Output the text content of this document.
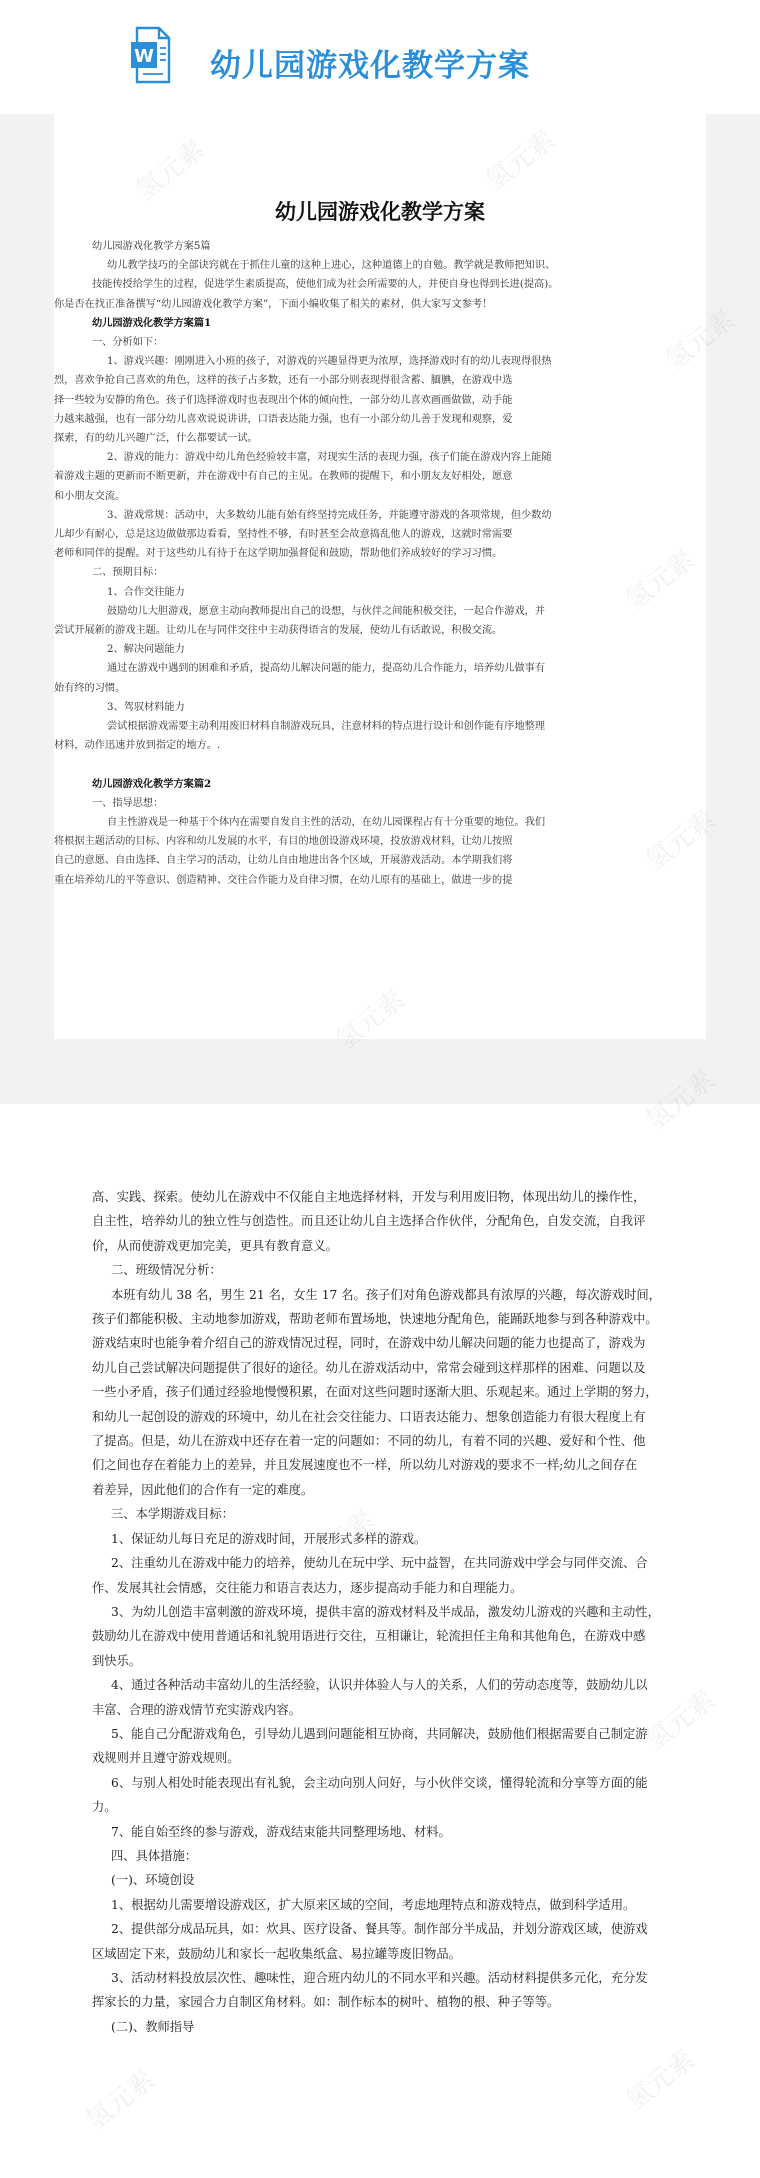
W 幼儿园游戏化教学方案
幼儿园游戏化教学方案
幼儿园游戏化教学方案5篇
幼儿教学技巧的全部诀窍就在于抓住儿童的这种上进心，这种道德上的自勉。教学就是教师把知识、
技能传授给学生的过程，促进学生素质提高，使他们成为社会所需要的人，并使自身也得到长进(提高)。
你是否在找正准备撰写“幼儿园游戏化教学方案”，下面小编收集了相关的素材，供大家写文参考！
幼儿园游戏化教学方案篇1
一、分析如下：
1、游戏兴趣：刚刚进入小班的孩子，对游戏的兴趣显得更为浓厚，选择游戏时有的幼儿表现得很热
烈，喜欢争抢自己喜欢的角色，这样的孩子占多数，还有一小部分则表现得很含蓄、腼腆，在游戏中选
择一些较为安静的角色。孩子们选择游戏时也表现出个体的倾向性，一部分幼儿喜欢画画做做，动手能
力越来越强，也有一部分幼儿喜欢说说讲讲，口语表达能力强，也有一小部分幼儿善于发现和观察，爱
探索，有的幼儿兴趣广泛，什么都要试一试。
2、游戏的能力：游戏中幼儿角色经验较丰富，对现实生活的表现力强，孩子们能在游戏内容上能随
着游戏主题的更新而不断更新，并在游戏中有自己的主见。在教师的提醒下，和小朋友友好相处，愿意
和小朋友交流。
3、游戏常规：活动中，大多数幼儿能有始有终坚持完成任务，并能遵守游戏的各项常规，但少数幼
儿却少有耐心，总是这边做做那边看看，坚持性不够，有时甚至会故意捣乱他人的游戏，这就时常需要
老师和同伴的提醒。对于这些幼儿有待于在这学期加强督促和鼓励，帮助他们养成较好的学习习惯。
二、预期目标：
1、合作交往能力
鼓励幼儿大胆游戏，愿意主动向教师提出自己的设想，与伙伴之间能积极交往，一起合作游戏，并
尝试开展新的游戏主题。让幼儿在与同伴交往中主动获得语言的发展，使幼儿有话敢说，积极交流。
2、解决问题能力
通过在游戏中遇到的困难和矛盾，提高幼儿解决问题的能力，提高幼儿合作能力，培养幼儿做事有
始有终的习惯。
3、驾驭材料能力
尝试根据游戏需要主动利用废旧材料自制游戏玩具，注意材料的特点进行设计和创作能有序地整理
材料，动作迅速并放到指定的地方。.
幼儿园游戏化教学方案篇2
一、指导思想：
自主性游戏是一种基于个体内在需要自发自主性的活动，在幼儿园课程占有十分重要的地位。我们
将根据主题活动的目标、内容和幼儿发展的水平，有目的地创设游戏环境，投放游戏材料，让幼儿按照
自己的意愿、自由选择、自主学习的活动，让幼儿自由地进出各个区域，开展游戏活动。本学期我们将
重在培养幼儿的平等意识、创造精神、交往合作能力及自律习惯，在幼儿原有的基础上，做进一步的提
高、实践、探索。使幼儿在游戏中不仅能自主地选择材料，开发与利用废旧物，体现出幼儿的操作性，
自主性，培养幼儿的独立性与创造性。而且还让幼儿自主选择合作伙伴，分配角色，自发交流，自我评
价，从而使游戏更加完美，更具有教育意义。
二、班级情况分析：
本班有幼儿 38 名，男生 21 名，女生 17 名。孩子们对角色游戏都具有浓厚的兴趣，每次游戏时间，
孩子们都能积极、主动地参加游戏，帮助老师布置场地，快速地分配角色，能踊跃地参与到各种游戏中。
游戏结束时也能争着介绍自己的游戏情况过程，同时，在游戏中幼儿解决问题的能力也提高了，游戏为
幼儿自己尝试解决问题提供了很好的途径。幼儿在游戏活动中，常常会碰到这样那样的困难、问题以及
一些小矛盾，孩子们通过经验地慢慢积累，在面对这些问题时逐渐大胆、乐观起来。通过上学期的努力，
和幼儿一起创设的游戏的环境中，幼儿在社会交往能力、口语表达能力、想象创造能力有很大程度上有
了提高。但是，幼儿在游戏中还存在着一定的问题如：不同的幼儿，有着不同的兴趣、爱好和个性、他
们之间也存在着能力上的差异，并且发展速度也不一样，所以幼儿对游戏的要求不一样;幼儿之间存在
着差异，因此他们的合作有一定的难度。
三、本学期游戏目标：
1、保证幼儿每日充足的游戏时间，开展形式多样的游戏。
2、注重幼儿在游戏中能力的培养，使幼儿在玩中学、玩中益智，在共同游戏中学会与同伴交流、合
作、发展其社会情感，交往能力和语言表达力，逐步提高动手能力和自理能力。
3、为幼儿创造丰富刺激的游戏环境，提供丰富的游戏材料及半成品，激发幼儿游戏的兴趣和主动性，
鼓励幼儿在游戏中使用普通话和礼貌用语进行交往，互相谦让，轮流担任主角和其他角色，在游戏中感
到快乐。
4、通过各种活动丰富幼儿的生活经验，认识并体验人与人的关系，人们的劳动态度等，鼓励幼儿以
丰富、合理的游戏情节充实游戏内容。
5、能自己分配游戏角色，引导幼儿遇到问题能相互协商，共同解决，鼓励他们根据需要自己制定游
戏规则并且遵守游戏规则。
6、与别人相处时能表现出有礼貌，会主动向别人问好，与小伙伴交谈，懂得轮流和分享等方面的能
力。
7、能自始至终的参与游戏，游戏结束能共同整理场地、材料。
四、具体措施：
(一)、环境创设
1、根据幼儿需要增设游戏区，扩大原来区域的空间，考虑地理特点和游戏特点，做到科学适用。
2、提供部分成品玩具，如：炊具、医疗设备、餐具等。制作部分半成品，并划分游戏区域，使游戏
区域固定下来，鼓励幼儿和家长一起收集纸盒、易拉罐等废旧物品。
3、活动材料投放层次性、趣味性，迎合班内幼儿的不同水平和兴趣。活动材料提供多元化，充分发
挥家长的力量，家园合力自制区角材料。如：制作标本的树叶、植物的根、种子等等。
(二)、教师指导
氢元素
氢元素
氢元素
氢元素
